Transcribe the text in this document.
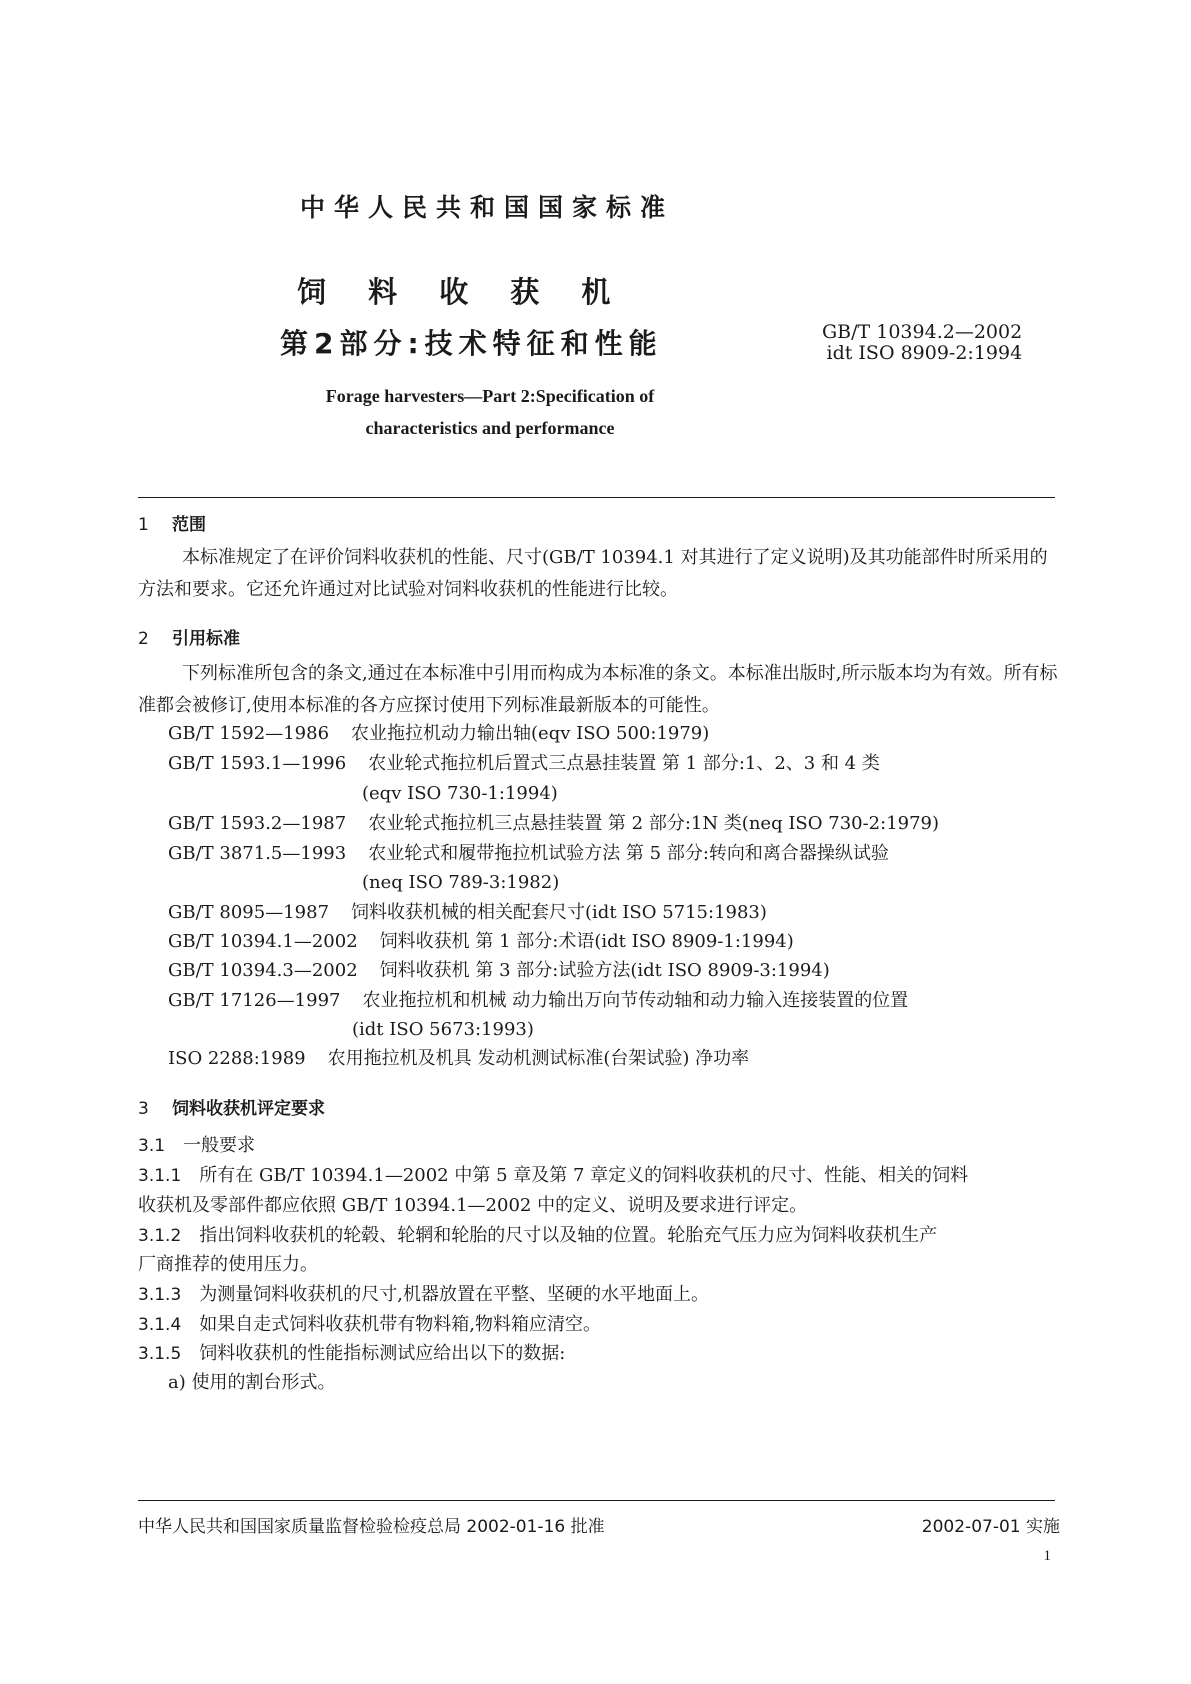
中华人民共和国国家标准
饲 料 收 获 机
第2部分:技术特征和性能	GB/T 10394.2—2002
idt ISO 8909-2:1994
Forage harvesters—Part 2:Specification of
characteristics and performance
1 范围
本标准规定了在评价饲料收获机的性能、尺寸(GB/T 10394.1 对其进行了定义说明)及其功能部件时所采用的方法和要求。它还允许通过对比试验对饲料收获机的性能进行比较。
2 引用标准
下列标准所包含的条文,通过在本标准中引用而构成为本标准的条文。本标准出版时,所示版本均为有效。所有标准都会被修订,使用本标准的各方应探讨使用下列标准最新版本的可能性。
GB/T 1592—1986 农业拖拉机动力输出轴(eqv ISO 500:1979)
GB/T 1593.1—1996 农业轮式拖拉机后置式三点悬挂装置 第 1 部分:1、2、3 和 4 类
(eqv ISO 730-1:1994)
GB/T 1593.2—1987 农业轮式拖拉机三点悬挂装置 第 2 部分:1N 类(neq ISO 730-2:1979)
GB/T 3871.5—1993 农业轮式和履带拖拉机试验方法 第 5 部分:转向和离合器操纵试验
(neq ISO 789-3:1982)
GB/T 8095—1987 饲料收获机械的相关配套尺寸(idt ISO 5715:1983)
GB/T 10394.1—2002 饲料收获机 第 1 部分:术语(idt ISO 8909-1:1994)
GB/T 10394.3—2002 饲料收获机 第 3 部分:试验方法(idt ISO 8909-3:1994)
GB/T 17126—1997 农业拖拉机和机械 动力输出万向节传动轴和动力输入连接装置的位置
(idt ISO 5673:1993)
ISO 2288:1989 农用拖拉机及机具 发动机测试标准(台架试验) 净功率
3 饲料收获机评定要求
3.1 一般要求
3.1.1 所有在 GB/T 10394.1—2002 中第 5 章及第 7 章定义的饲料收获机的尺寸、性能、相关的饲料
收获机及零部件都应依照 GB/T 10394.1—2002 中的定义、说明及要求进行评定。
3.1.2 指出饲料收获机的轮毂、轮辋和轮胎的尺寸以及轴的位置。轮胎充气压力应为饲料收获机生产
厂商推荐的使用压力。
3.1.3 为测量饲料收获机的尺寸,机器放置在平整、坚硬的水平地面上。
3.1.4 如果自走式饲料收获机带有物料箱,物料箱应清空。
3.1.5 饲料收获机的性能指标测试应给出以下的数据:
a) 使用的割台形式。
中华人民共和国国家质量监督检验检疫总局 2002-01-16 批准	2002-07-01 实施
1
